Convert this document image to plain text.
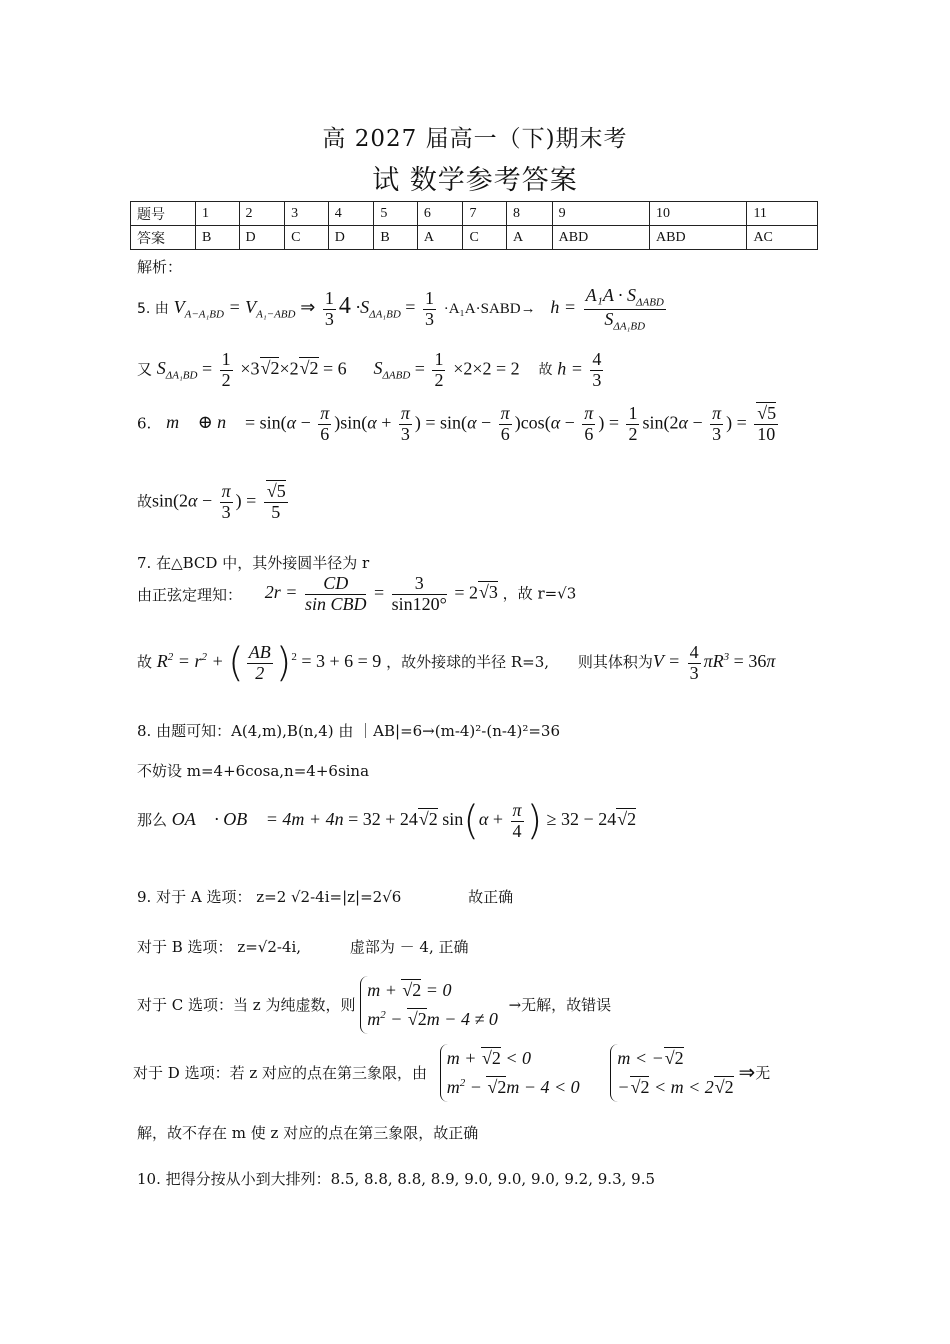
高 2027 届高一（下)期末考
试 数学参考答案
题号	1	2	3	4	5	6	7	8	9	10	11
答案	B	D	C	D	B	A	C	A	ABD	ABD	AC
解析：
5. 由 $V_{A-A_1BD} = V_{A_1-ABD}$ ⇒ $\frac{1}{3} 4 \cdot S_{\Delta A_1BD} = \frac{1}{3}$ ·A₁A·SABD→ $h = \frac{A_1A \cdot S_{\Delta ABD}}{S_{\Delta A_1BD}}$
又 $S_{\Delta A_1BD} = \frac{1}{2} \times 3√2\times 2√2 = 6$ $S_{\Delta ABD} = \frac{1}{2} \times 2\times 2 = 2$ 故 $h = \frac{4}{3}$
6. m⃗ ⊕ n⃗ = $\sin(\alpha - \frac{\pi}{6} )\sin(\alpha + \frac{\pi}{3}$ ) = $\sin(\alpha - \frac{\pi}{6} )\cos(\alpha - \frac{\pi}{6}$ ) = $\frac{1}{2} \sin(2\alpha - \frac{\pi}{3}$ ) = $\frac{√5}{10}$
故$\sin(2\alpha - \frac{\pi}{3}$ ) = $\frac{√5}{5}$
7. 在△BCD 中，其外接圆半径为 r
由正弦定理知： $2r = \frac{CD}{\text{sin CBD}} = \frac{3}{\sin 120^\circ} = 2√3$ ，故 r=√3
故 $R^2 = r^2$ + ( $\frac{AB}{2} )^2 = 3 + 6 = 9$ ，故外接球的半径 R=3, 则其体积为$V = \frac{4}{3} \pi R^3 = 36\pi$
8. 由题可知：A(4,m),B(n,4) 由 ｜AB|=6→(m-4)²-(n-4)²=36
不妨设 m=4+6cosa,n=4+6sina
那么 OA⃗ · OB⃗ = 4m + 4n = 32 + 24√2 $\sin(\alpha + \frac{\pi}{4}$ ) ≥ 32 − 24√2
9. 对于 A 选项： z=2 √2-4i=|z|=2√6	故正确
对于 B 选项： z=√2-4i,	虚部为 － 4, 正确
对于 C 选项：当 z 为纯虚数，则
m + √2 = 0
$m^2 - √2m - 4 \ne 0$
→无解，故错误
对于 D 选项：若 z 对应的点在第三象限，由
m + √2 < 0
$m^2 - √2m - 4 < 0$

m < −√2
−√2 < m < 2√2
⇒无
解，故不存在 m 使 z 对应的点在第三象限，故正确
10. 把得分按从小到大排列：8.5, 8.8, 8.8, 8.9, 9.0, 9.0, 9.0, 9.2, 9.3, 9.5
